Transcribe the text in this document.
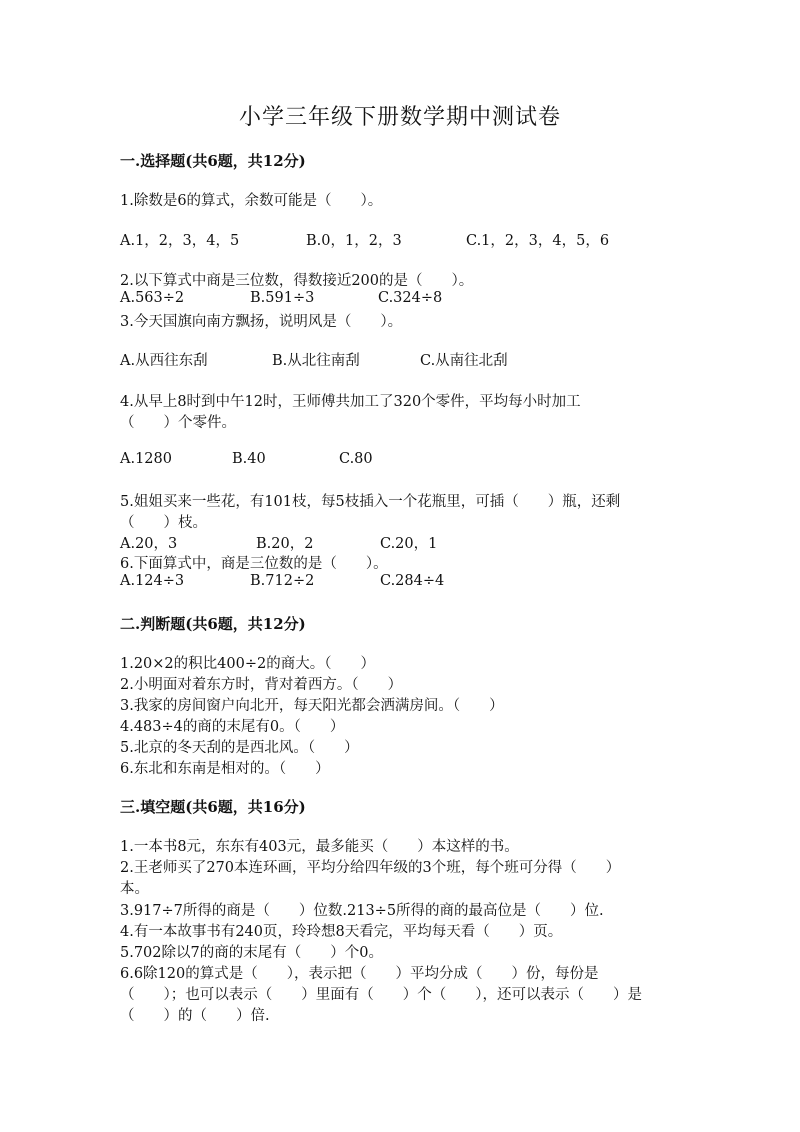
小学三年级下册数学期中测试卷
一.选择题(共6题，共12分)
1.除数是6的算式，余数可能是（　　）。
A.1，2，3，4，5	B.0，1，2，3	C.1，2，3，4，5，6
2.以下算式中商是三位数，得数接近200的是（　　）。
A.563÷2	B.591÷3	C.324÷8
3.今天国旗向南方飘扬，说明风是（　　）。
A.从西往东刮	B.从北往南刮	C.从南往北刮
4.从早上8时到中午12时，王师傅共加工了320个零件，平均每小时加工
（　　）个零件。
A.1280	B.40	C.80
5.姐姐买来一些花，有101枝，每5枝插入一个花瓶里，可插（　　）瓶，还剩
（　　）枝。
A.20，3	B.20，2	C.20，1
6.下面算式中，商是三位数的是（　　）。
A.124÷3	B.712÷2	C.284÷4
二.判断题(共6题，共12分)
1.20×2的积比400÷2的商大。（　　）
2.小明面对着东方时，背对着西方。（　　）
3.我家的房间窗户向北开，每天阳光都会洒满房间。（　　）
4.483÷4的商的末尾有0。（　　）
5.北京的冬天刮的是西北风。（　　）
6.东北和东南是相对的。（　　）
三.填空题(共6题，共16分)
1.一本书8元，东东有403元，最多能买（　　）本这样的书。
2.王老师买了270本连环画，平均分给四年级的3个班，每个班可分得（　　）
本。
3.917÷7所得的商是（　　）位数.213÷5所得的商的最高位是（　　）位.
4.有一本故事书有240页，玲玲想8天看完，平均每天看（　　）页。
5.702除以7的商的末尾有（　　）个0。
6.6除120的算式是（　　），表示把（　　）平均分成（　　）份，每份是
（　　）；也可以表示（　　）里面有（　　）个（　　），还可以表示（　　）是
（　　）的（　　）倍.
